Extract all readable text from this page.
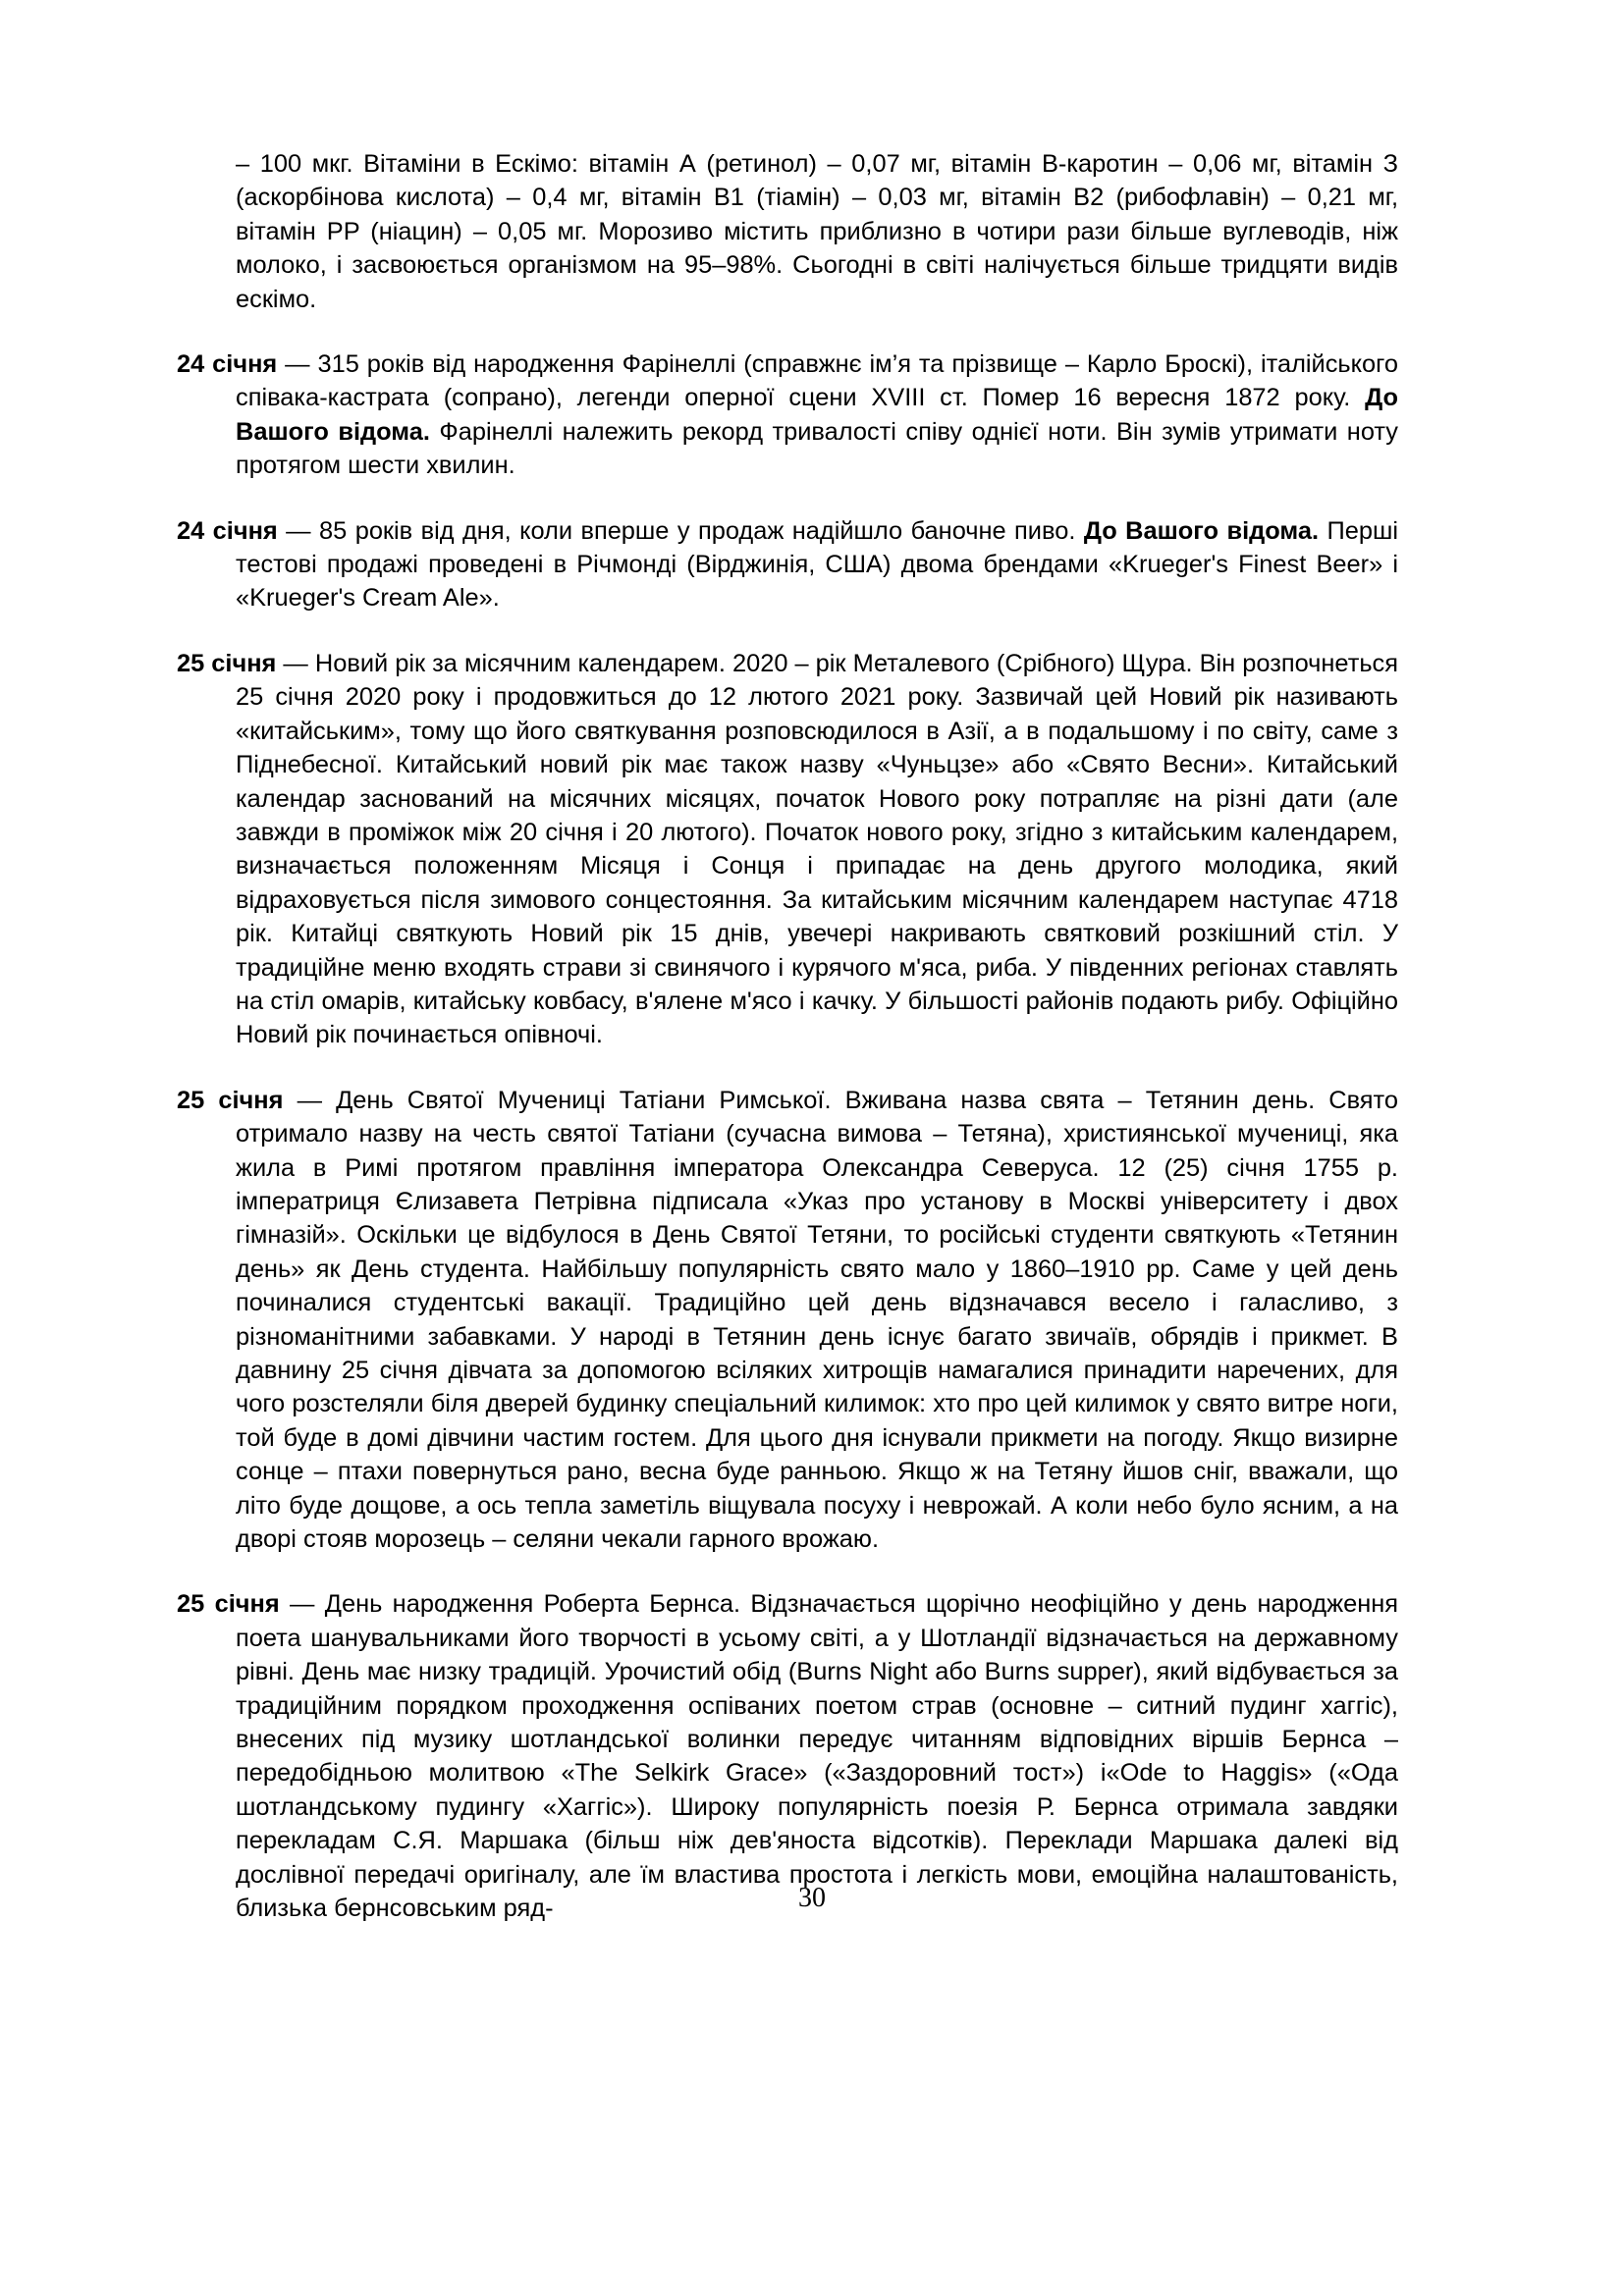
– 100 мкг. Вітаміни в Ескімо: вітамін А (ретинол) – 0,07 мг, вітамін B-каротин – 0,06 мг, вітамін З (аскорбінова кислота) – 0,4 мг, вітамін B1 (тіамін) – 0,03 мг, вітамін B2 (рибофлавін) – 0,21 мг, вітамін PP (ніацин) – 0,05 мг. Морозиво містить приблизно в чотири рази більше вуглеводів, ніж молоко, і засвоюється організмом на 95–98%. Сьогодні в світі налічується більше тридцяти видів ескімо.

24 січня — 315 років від народження Фарінеллі (справжнє ім’я та прізвище – Карло Броскі), італійського співака-кастрата (сопрано), легенди оперної сцени XVIII ст. Помер 16 вересня 1872 року. До Вашого відома. Фарінеллі належить рекорд тривалості співу однієї ноти. Він зумів утримати ноту протягом шести хвилин.

24 січня — 85 років від дня, коли вперше у продаж надійшло баночне пиво. До Вашого відома. Перші тестові продажі проведені в Річмонді (Вірджинія, США) двома брендами «Krueger's Finest Beer» і «Krueger's Cream Ale».

25 січня — Новий рік за місячним календарем. 2020 – рік Металевого (Срібного) Щура. Він розпочнеться 25 січня 2020 року і продовжиться до 12 лютого 2021 року. Зазвичай цей Новий рік називають «китайським», тому що його святкування розповсюдилося в Азії, а в подальшому і по світу, саме з Піднебесної. Китайський новий рік має також назву «Чуньцзе» або «Свято Весни». Китайський календар заснований на місячних місяцях, початок Нового року потрапляє на різні дати (але завжди в проміжок між 20 січня і 20 лютого). Початок нового року, згідно з китайським календарем, визначається положенням Місяця і Сонця і припадає на день другого молодика, який відраховується після зимового сонцестояння. За китайським місячним календарем наступає 4718 рік. Китайці святкують Новий рік 15 днів, увечері накривають святковий розкішний стіл. У традиційне меню входять страви зі свинячого і курячого м'яса, риба. У південних регіонах ставлять на стіл омарів, китайську ковбасу, в'ялене м'ясо і качку. У більшості районів подають рибу. Офіційно Новий рік починається опівночі.

25 січня — День Святої Мучениці Татіани Римської. Вживана назва свята – Тетянин день. Свято отримало назву на честь святої Татіани (сучасна вимова – Тетяна), християнської мучениці, яка жила в Римі протягом правління імператора Олександра Северуса. 12 (25) січня 1755 р. імператриця Єлизавета Петрівна підписала «Указ про установу в Москві університету і двох гімназій». Оскільки це відбулося в День Святої Тетяни, то російські студенти святкують «Тетянин день» як День студента. Найбільшу популярність свято мало у 1860–1910 рр. Саме у цей день починалися студентські вакації. Традиційно цей день відзначався весело і галасливо, з різноманітними забавками. У народі в Тетянин день існує багато звичаїв, обрядів і прикмет. В давнину 25 січня дівчата за допомогою всіляких хитрощів намагалися принадити наречених, для чого розстеляли біля дверей будинку спеціальний килимок: хто про цей килимок у свято витре ноги, той буде в домі дівчини частим гостем. Для цього дня існували прикмети на погоду. Якщо визирне сонце – птахи повернуться рано, весна буде ранньою. Якщо ж на Тетяну йшов сніг, вважали, що літо буде дощове, а ось тепла заметіль віщувала посуху і неврожай. А коли небо було ясним, а на дворі стояв морозець – селяни чекали гарного врожаю.

25 січня — День народження Роберта Бернса. Відзначається щорічно неофіційно у день народження поета шанувальниками його творчості в усьому світі, а у Шотландії відзначається на державному рівні. День має низку традицій. Урочистий обід (Burns Night або Burns supper), який відбувається за традиційним порядком проходження оспіваних поетом страв (основне – ситний пудинг хаггіс), внесених під музику шотландської волинки передує читанням відповідних віршів Бернса – передобідньою молитвою «The Selkirk Grace» («Заздоровний тост») і«Ode to Haggis» («Ода шотландському пудингу «Хаггіс»). Широку популярність поезія Р. Бернса отримала завдяки перекладам С.Я. Маршака (більш ніж дев'яноста відсотків). Переклади Маршака далекі від дослівної передачі оригіналу, але їм властива простота і легкість мови, емоційна налаштованість, близька бернсовським ряд-	30
